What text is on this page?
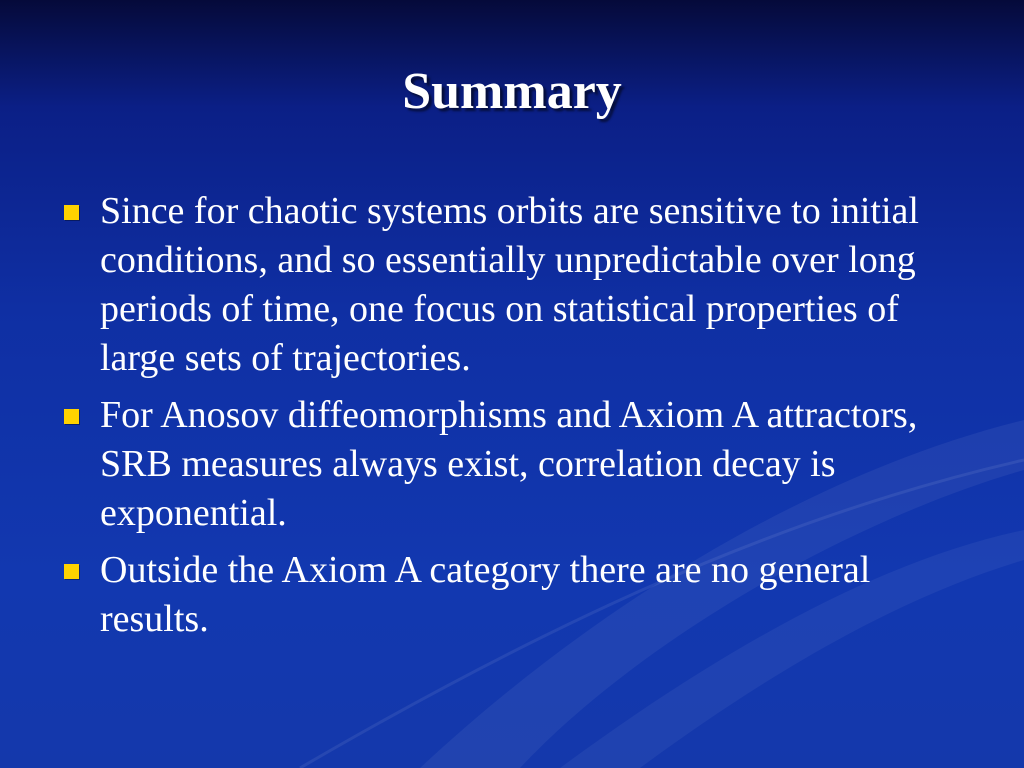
Summary
Since for chaotic systems orbits are sensitive to initial conditions, and so essentially unpredictable over long periods of time, one focus on statistical properties of large sets of trajectories.
For Anosov diffeomorphisms and Axiom A attractors, SRB measures always exist, correlation decay is exponential.
Outside the Axiom A category there are no general results.
